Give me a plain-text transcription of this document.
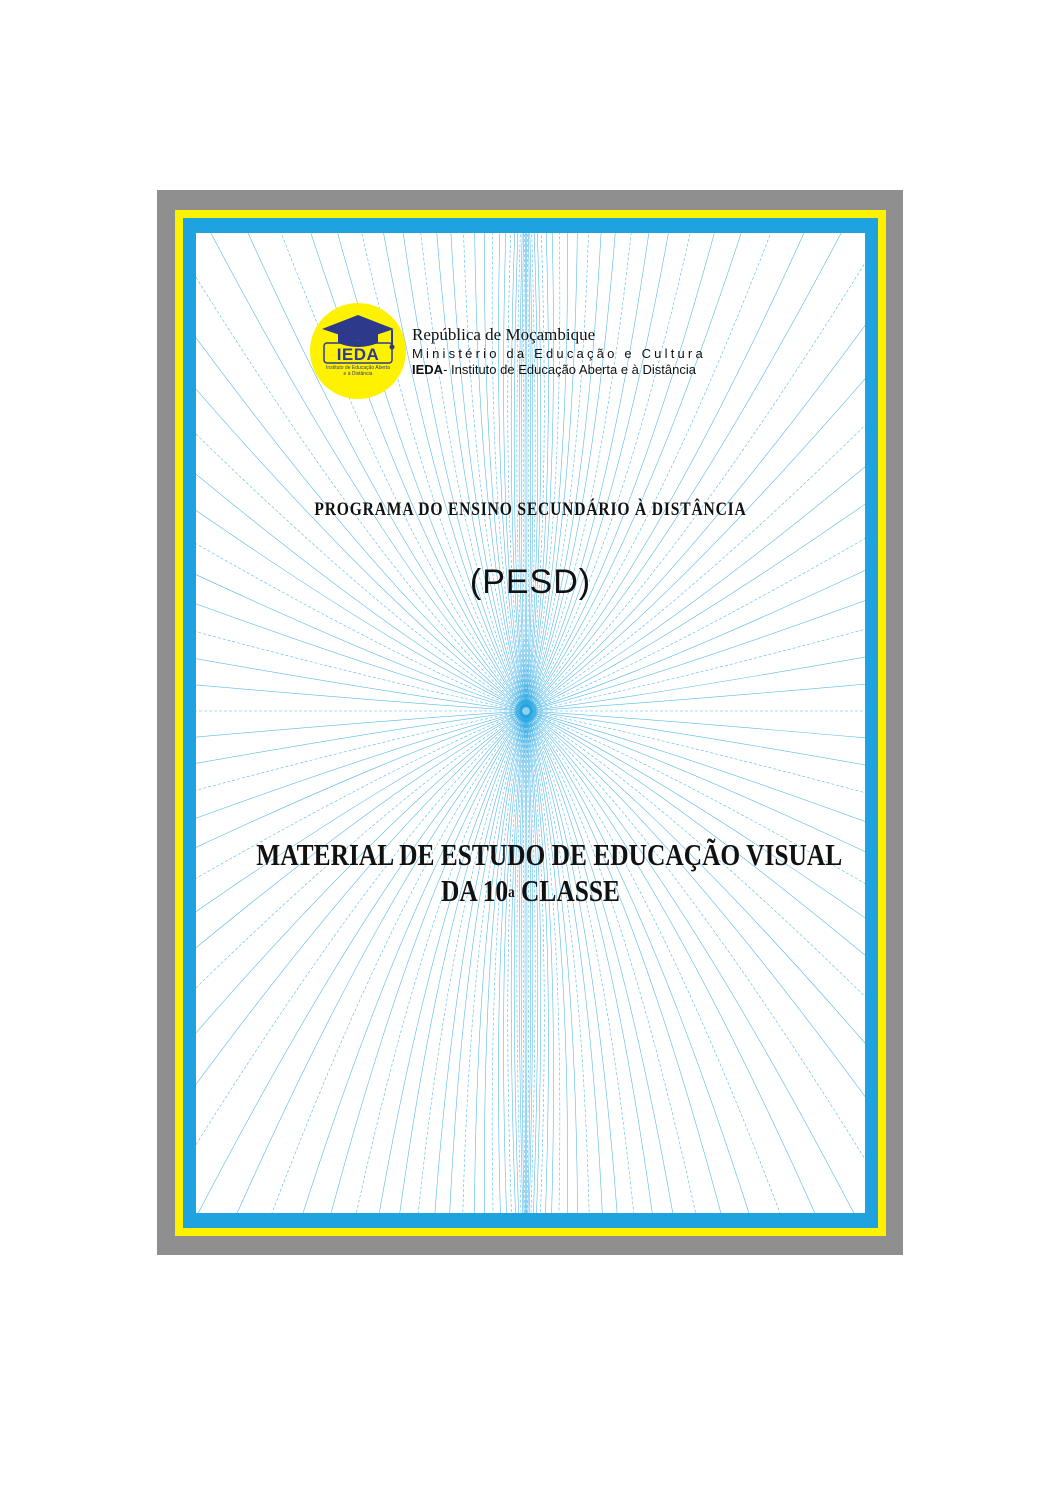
IEDA
Instituto de Educação Aberta e à Distância
República de Moçambique
Ministério da Educação e Cultura
IEDA- Instituto de Educação Aberta e à Distância
PROGRAMA DO ENSINO SECUNDÁRIO À DISTÂNCIA
(PESD)
MATERIAL DE ESTUDO DE EDUCAÇÃO VISUAL
DA 10$^a$ CLASSE
